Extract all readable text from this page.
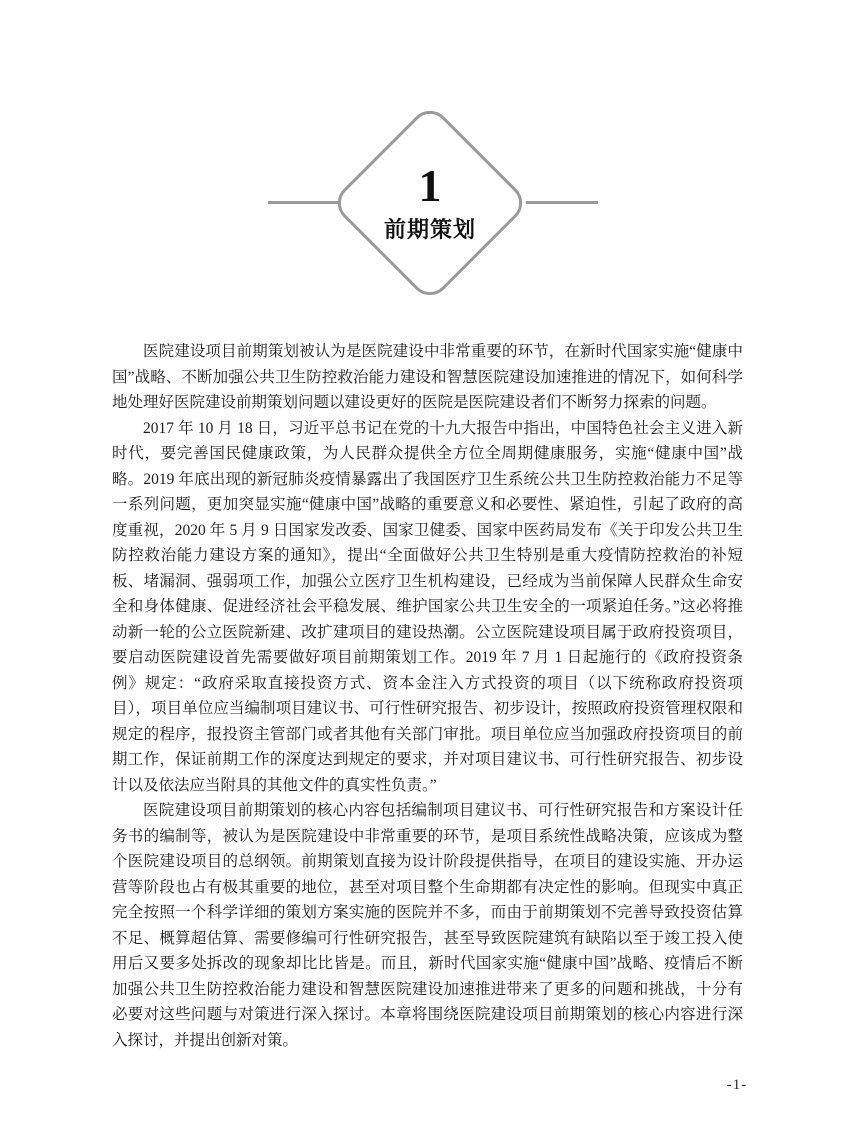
1
前期策划

医院建设项目前期策划被认为是医院建设中非常重要的环节，在新时代国家实施“健康中国”战略、不断加强公共卫生防控救治能力建设和智慧医院建设加速推进的情况下，如何科学地处理好医院建设前期策划问题以建设更好的医院是医院建设者们不断努力探索的问题。

2017 年 10 月 18 日，习近平总书记在党的十九大报告中指出，中国特色社会主义进入新时代，要完善国民健康政策，为人民群众提供全方位全周期健康服务，实施“健康中国”战略。2019 年底出现的新冠肺炎疫情暴露出了我国医疗卫生系统公共卫生防控救治能力不足等一系列问题，更加突显实施“健康中国”战略的重要意义和必要性、紧迫性，引起了政府的高度重视，2020 年 5 月 9 日国家发改委、国家卫健委、国家中医药局发布《关于印发公共卫生防控救治能力建设方案的通知》，提出“全面做好公共卫生特别是重大疫情防控救治的补短板、堵漏洞、强弱项工作，加强公立医疗卫生机构建设，已经成为当前保障人民群众生命安全和身体健康、促进经济社会平稳发展、维护国家公共卫生安全的一项紧迫任务。”这必将推动新一轮的公立医院新建、改扩建项目的建设热潮。公立医院建设项目属于政府投资项目，要启动医院建设首先需要做好项目前期策划工作。2019 年 7 月 1 日起施行的《政府投资条例》规定：“政府采取直接投资方式、资本金注入方式投资的项目（以下统称政府投资项目），项目单位应当编制项目建议书、可行性研究报告、初步设计，按照政府投资管理权限和规定的程序，报投资主管部门或者其他有关部门审批。项目单位应当加强政府投资项目的前期工作，保证前期工作的深度达到规定的要求，并对项目建议书、可行性研究报告、初步设计以及依法应当附具的其他文件的真实性负责。”

医院建设项目前期策划的核心内容包括编制项目建议书、可行性研究报告和方案设计任务书的编制等，被认为是医院建设中非常重要的环节，是项目系统性战略决策，应该成为整个医院建设项目的总纲领。前期策划直接为设计阶段提供指导，在项目的建设实施、开办运营等阶段也占有极其重要的地位，甚至对项目整个生命期都有决定性的影响。但现实中真正完全按照一个科学详细的策划方案实施的医院并不多，而由于前期策划不完善导致投资估算不足、概算超估算、需要修编可行性研究报告，甚至导致医院建筑有缺陷以至于竣工投入使用后又要多处拆改的现象却比比皆是。而且，新时代国家实施“健康中国”战略、疫情后不断加强公共卫生防控救治能力建设和智慧医院建设加速推进带来了更多的问题和挑战，十分有必要对这些问题与对策进行深入探讨。本章将围绕医院建设项目前期策划的核心内容进行深入探讨，并提出创新对策。

-1-
